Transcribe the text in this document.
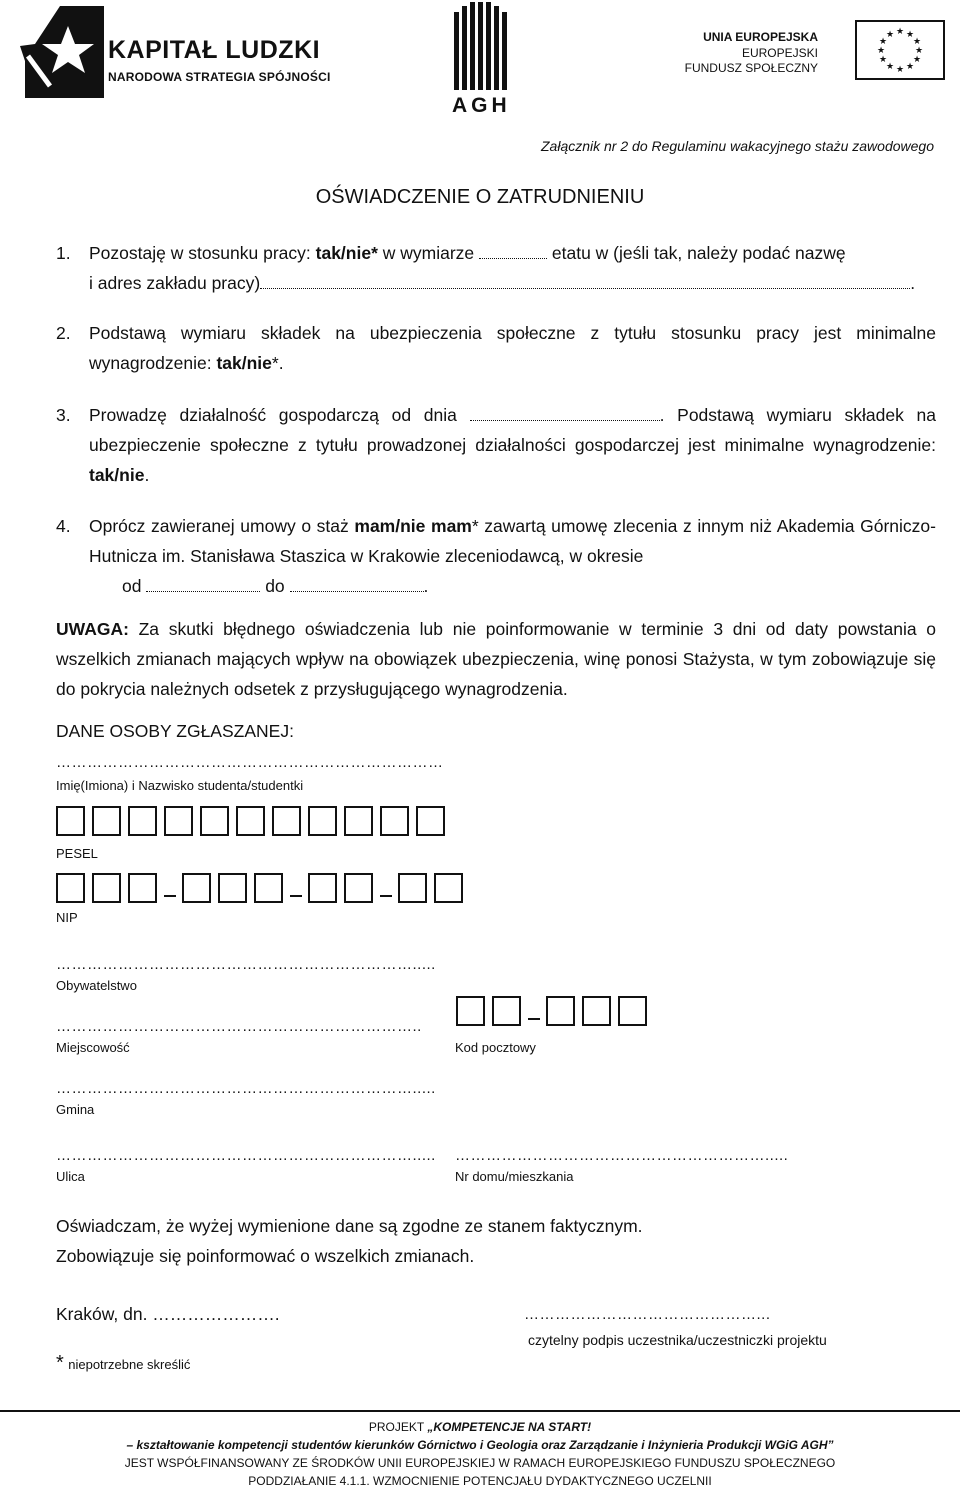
KAPITAŁ LUDZKI
NARODOWA STRATEGIA SPÓJNOŚCI
AGH
UNIA EUROPEJSKA
EUROPEJSKI
FUNDUSZ SPOŁECZNY
★ ★
★
★
★
★
★
★
★
★
★
★
Załącznik nr 2 do Regulaminu wakacyjnego stażu zawodowego
OŚWIADCZENIE O ZATRUDNIENIU
1. Pozostaję w stosunku pracy: tak/nie* w wymiarze	etatu w (jeśli tak, należy podać nazwę
i adres zakładu pracy)	.
2.	Podstawą wymiaru składek na ubezpieczenia społeczne z tytułu stosunku pracy jest minimalne wynagrodzenie: tak/nie*.
3.	Prowadzę działalność gospodarczą od dnia	. Podstawą wymiaru składek na ubezpieczenie społeczne z tytułu prowadzonej działalności gospodarczej jest minimalne wynagrodzenie: tak/nie.
4.	Oprócz zawieranej umowy o staż mam/nie mam* zawartą umowę zlecenia z innym niż Akademia Górniczo-Hutnicza im. Stanisława Staszica w Krakowie zleceniodawcą, w okresie
od	do	.
UWAGA: Za skutki błędnego oświadczenia lub nie poinformowanie w terminie 3 dni od daty powstania o wszelkich zmianach mających wpływ na obowiązek ubezpieczenia, winę ponosi Stażysta, w tym zobowiązuje się do pokrycia należnych odsetek z przysługującego wynagrodzenia.
DANE OSOBY ZGŁASZANEJ:
…………………………………………………………………
Imię(Imiona) i Nazwisko studenta/studentki
PESEL
NIP
…………………………………………………………….....
Obywatelstwo
……………………………………………………………..
Miejscowość	Kod pocztowy
…………………………………………………………….....
Gmina
……………………………………………………………..... …………………………………………………….....
Ulica	Nr domu/mieszkania
Oświadczam, że wyżej wymienione dane są zgodne ze stanem faktycznym.
Zobowiązuje się poinformować o wszelkich zmianach.
Kraków, dn. ………………….	………………………………………...
czytelny podpis uczestnika/uczestniczki projektu
* niepotrzebne skreślić
PROJEKT „KOMPETENCJE NA START!
– kształtowanie kompetencji studentów kierunków Górnictwo i Geologia oraz Zarządzanie i Inżynieria Produkcji WGiG AGH”
JEST WSPÓŁFINANSOWANY ZE ŚRODKÓW UNII EUROPEJSKIEJ W RAMACH EUROPEJSKIEGO FUNDUSZU SPOŁECZNEGO
PODDZIAŁANIE 4.1.1. WZMOCNIENIE POTENCJAŁU DYDAKTYCZNEGO UCZELNII
